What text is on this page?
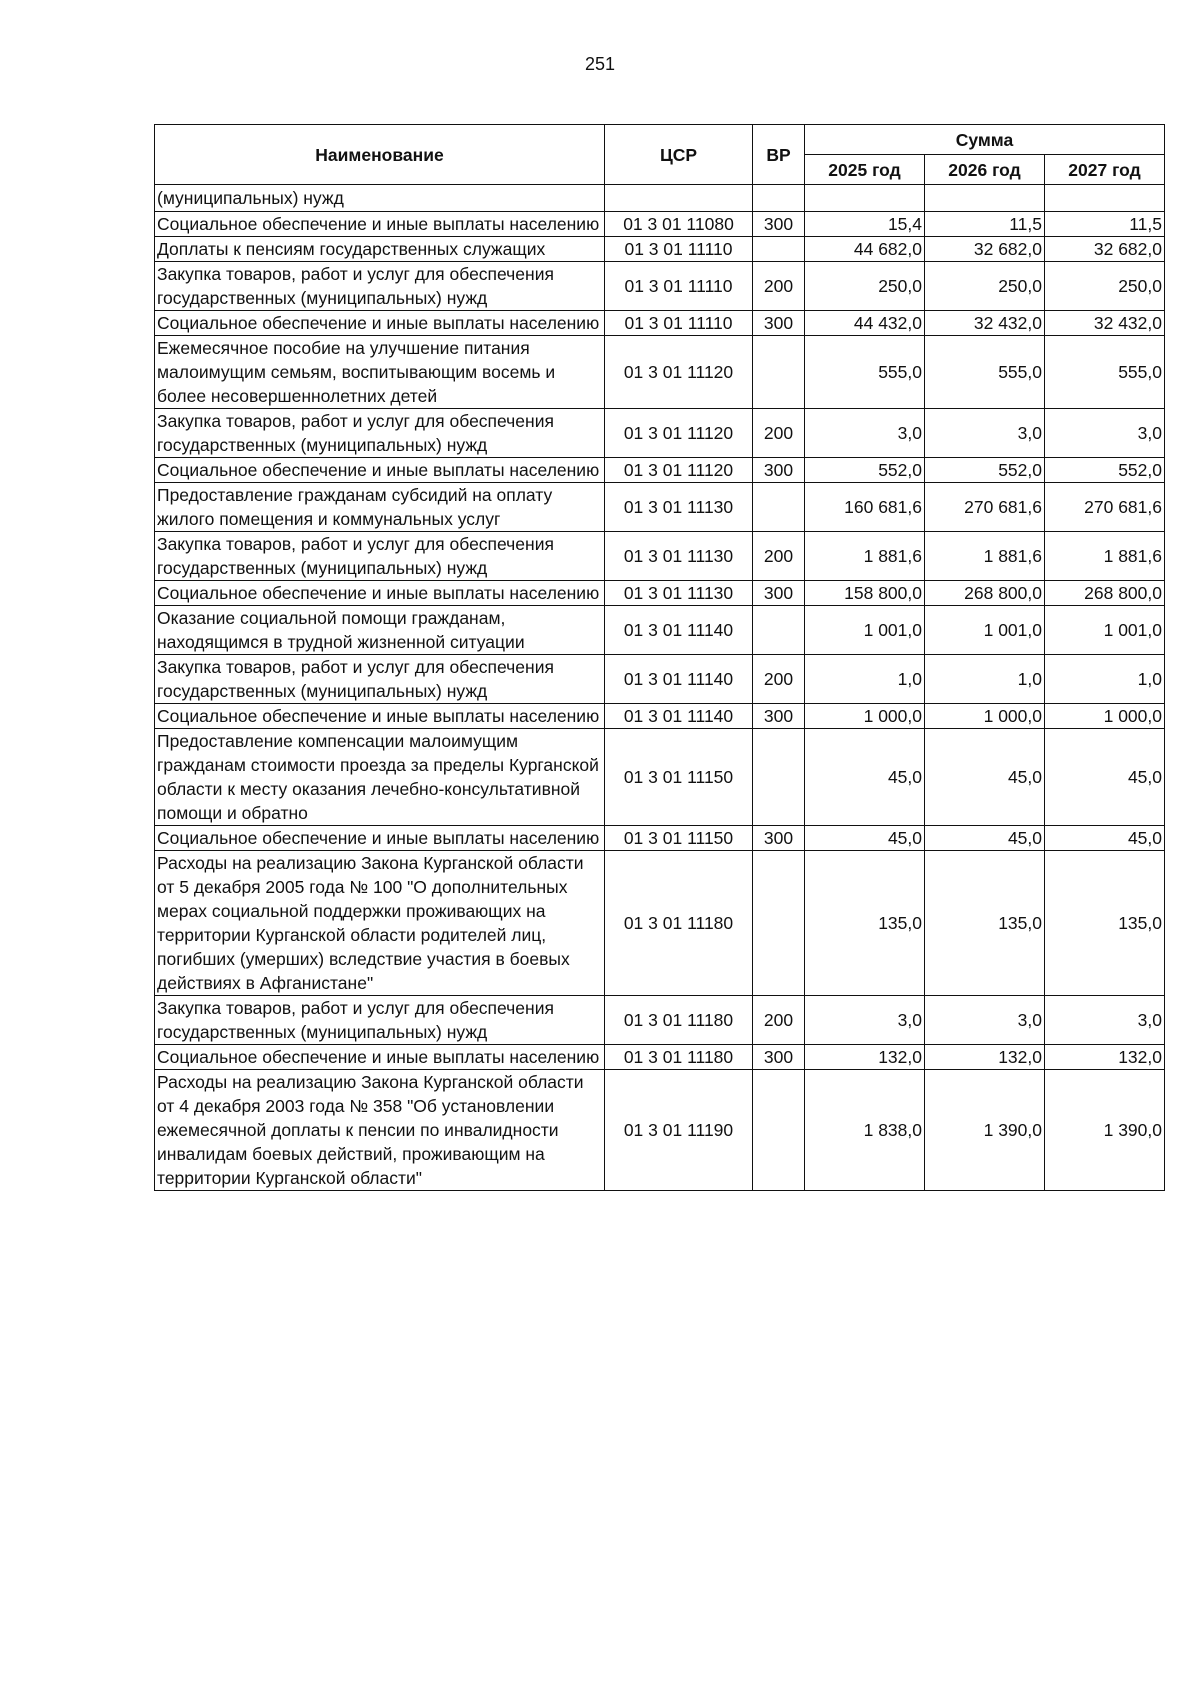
251
Наименование	ЦСР	ВР	Сумма		
			2025 год	2026 год	2027 год
(муниципальных) нужд					
Социальное обеспечение и иные выплаты населению	01 3 01 11080	300	15,4	11,5	11,5
Доплаты к пенсиям государственных служащих	01 3 01 11110		44 682,0	32 682,0	32 682,0
Закупка товаров, работ и услуг для обеспечения государственных (муниципальных) нужд	01 3 01 11110	200	250,0	250,0	250,0
Социальное обеспечение и иные выплаты населению	01 3 01 11110	300	44 432,0	32 432,0	32 432,0
Ежемесячное пособие на улучшение питания малоимущим семьям, воспитывающим восемь и более несовершеннолетних детей	01 3 01 11120		555,0	555,0	555,0
Закупка товаров, работ и услуг для обеспечения государственных (муниципальных) нужд	01 3 01 11120	200	3,0	3,0	3,0
Социальное обеспечение и иные выплаты населению	01 3 01 11120	300	552,0	552,0	552,0
Предоставление гражданам субсидий на оплату жилого помещения и коммунальных услуг	01 3 01 11130		160 681,6	270 681,6	270 681,6
Закупка товаров, работ и услуг для обеспечения государственных (муниципальных) нужд	01 3 01 11130	200	1 881,6	1 881,6	1 881,6
Социальное обеспечение и иные выплаты населению	01 3 01 11130	300	158 800,0	268 800,0	268 800,0
Оказание социальной помощи гражданам, находящимся в трудной жизненной ситуации	01 3 01 11140		1 001,0	1 001,0	1 001,0
Закупка товаров, работ и услуг для обеспечения государственных (муниципальных) нужд	01 3 01 11140	200	1,0	1,0	1,0
Социальное обеспечение и иные выплаты населению	01 3 01 11140	300	1 000,0	1 000,0	1 000,0
Предоставление компенсации малоимущим гражданам стоимости проезда за пределы Курганской области к месту оказания лечебно-консультативной помощи и обратно	01 3 01 11150		45,0	45,0	45,0
Социальное обеспечение и иные выплаты населению	01 3 01 11150	300	45,0	45,0	45,0
Расходы на реализацию Закона Курганской области от 5 декабря 2005 года № 100 "О дополнительных мерах социальной поддержки проживающих на территории Курганской области родителей лиц, погибших (умерших) вследствие участия в боевых действиях в Афганистане"	01 3 01 11180		135,0	135,0	135,0
Закупка товаров, работ и услуг для обеспечения государственных (муниципальных) нужд	01 3 01 11180	200	3,0	3,0	3,0
Социальное обеспечение и иные выплаты населению	01 3 01 11180	300	132,0	132,0	132,0
Расходы на реализацию Закона Курганской области от 4 декабря 2003 года № 358 "Об установлении ежемесячной доплаты к пенсии по инвалидности инвалидам боевых действий, проживающим на территории Курганской области"	01 3 01 11190		1 838,0	1 390,0	1 390,0
